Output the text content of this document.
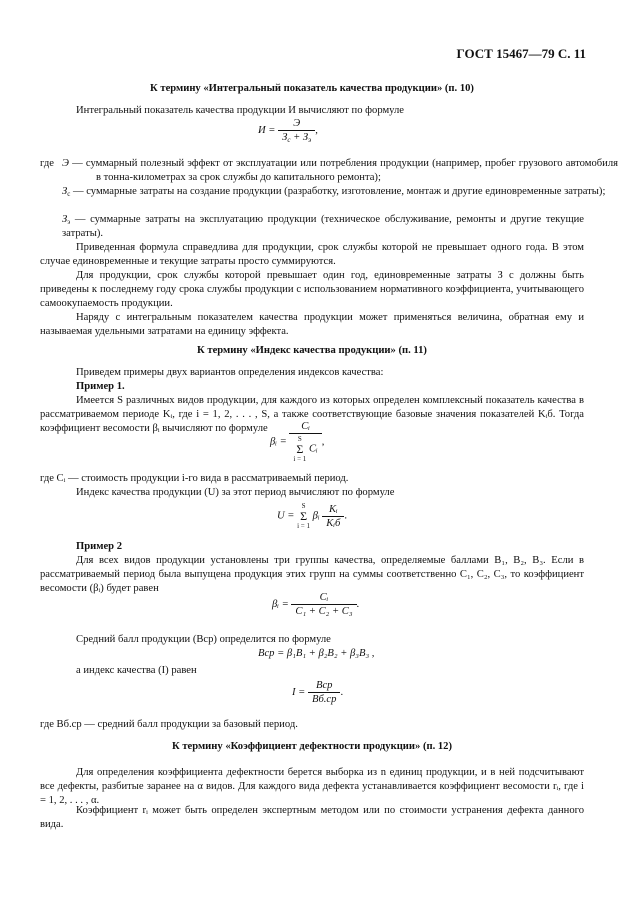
ГОСТ 15467—79 С. 11
К термину «Интегральный показатель качества продукции» (п. 10)
Интегральный показатель качества продукции И вычисляют по формуле
$И = \frac{Э}{З_с + З_э}$ ,
где Э — суммарный полезный эффект от эксплуатации или потребления продукции (например, пробег грузового автомобиля в тонна-километрах за срок службы до капитального ремонта);
$З_с$ — суммарные затраты на создание продукции (разработку, изготовление, монтаж и другие единовременные затраты);
$З_э$ — суммарные затраты на эксплуатацию продукции (техническое обслуживание, ремонты и другие текущие затраты).
Приведенная формула справедлива для продукции, срок службы которой не превышает одного года. В этом случае единовременные и текущие затраты просто суммируются.
Для продукции, срок службы которой превышает один год, единовременные затраты З с должны быть приведены к последнему году срока службы продукции с использованием нормативного коэффициента, учитывающего самоокупаемость продукции.
Наряду с интегральным показателем качества продукции может применяться величина, обратная ему и называемая удельными затратами на единицу эффекта.
К термину «Индекс качества продукции» (п. 11)
Приведем примеры двух вариантов определения индексов качества:
Пример 1.
Имеется S различных видов продукции, для каждого из которых определен комплексный показатель качества в рассматриваемом периоде Kᵢ, где i = 1, 2, . . . , S, а также соответствующие базовые значения показателей Kᵢб. Тогда коэффициент весомости βᵢ вычисляют по формуле
βᵢ = Cᵢ
S
Σ
i = 1 Cᵢ ,
где Cᵢ — стоимость продукции i-го вида в рассматриваемый период.
Индекс качества продукции (U) за этот период вычисляют по формуле
U = S
Σ
i = 1 βᵢ $\frac{\text{Kᵢ}}{\text{Kᵢб}}$ .
Пример 2
Для всех видов продукции установлены три группы качества, определяемые баллами B₁, B₂, B₃. Если в рассматриваемый период была выпущена продукция этих групп на суммы соответственно C₁, C₂, C₃, то коэффициент весомости (βᵢ) будет равен
βᵢ = $\frac{\text{Cᵢ}}{\text{C₁ + C₂ + C₃}}$ .
Средний балл продукции (Bср) определится по формуле
Bср = β₁B₁ + β₂B₂ + β₃B₃ ,
а индекс качества (I) равен
$I = \frac{\text{Bср}}{Bб.ср}$ .
где Bб.ср — средний балл продукции за базовый период.
К термину «Коэффициент дефектности продукции» (п. 12)
Для определения коэффициента дефектности берется выборка из n единиц продукции, и в ней подсчитывают все дефекты, разбитые заранее на α видов. Для каждого вида дефекта устанавливается коэффициент весомости rᵢ, где i = 1, 2, . . . , α.
Коэффициент rᵢ может быть определен экспертным методом или по стоимости устранения дефекта данного вида.
